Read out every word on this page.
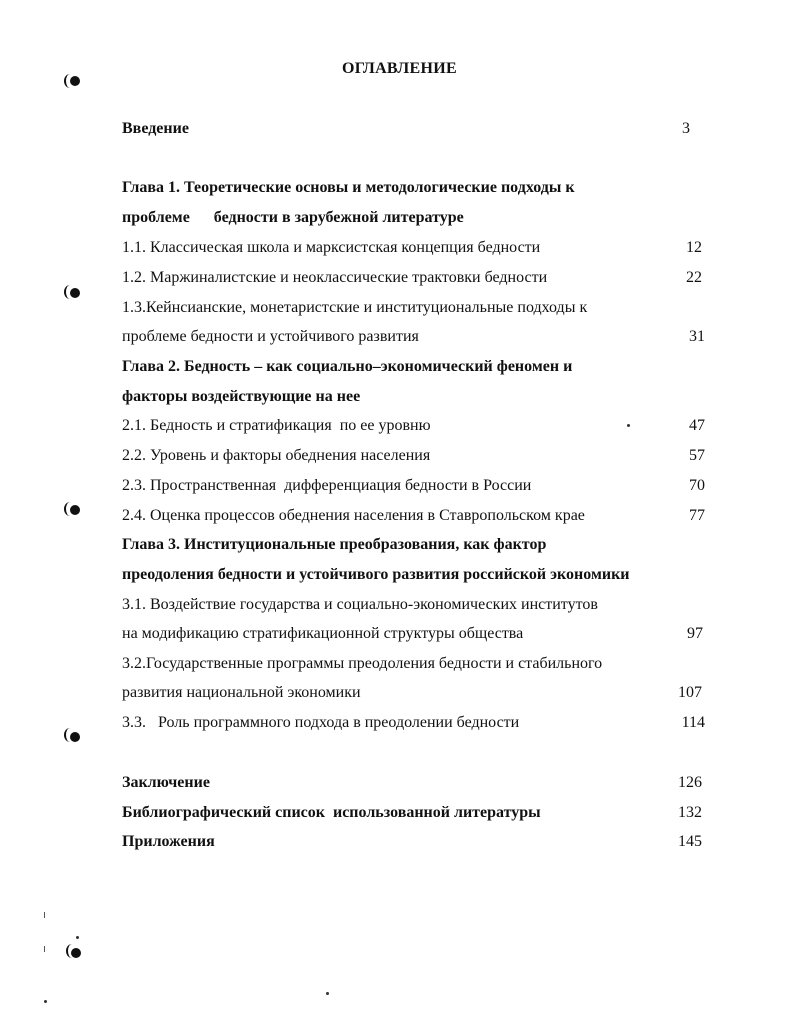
ОГЛАВЛЕНИЕ
Введение	3
Глава 1. Теоретические основы и методологические подходы к
проблеме      бедности в зарубежной литературе
1.1. Классическая школа и марксистская концепция бедности	12
1.2. Маржиналистские и неоклассические трактовки бедности	22
1.3.Кейнсианские, монетаристские и институциональные подходы к
проблеме бедности и устойчивого развития	31
Глава 2. Бедность – как социально–экономический феномен и
факторы воздействующие на нее
2.1. Бедность и стратификация  по ее уровню	47
2.2. Уровень и факторы обеднения населения	57
2.3. Пространственная  дифференциация бедности в России	70
2.4. Оценка процессов обеднения населения в Ставропольском крае	77
Глава 3. Институциональные преобразования, как фактор
преодоления бедности и устойчивого развития российской экономики
3.1. Воздействие государства и социально-экономических институтов
на модификацию стратификационной структуры общества	97
3.2.Государственные программы преодоления бедности и стабильного
развития национальной экономики	107
3.3.   Роль программного подхода в преодолении бедности	114
Заключение	126
Библиографический список  использованной литературы	132
Приложения	145
